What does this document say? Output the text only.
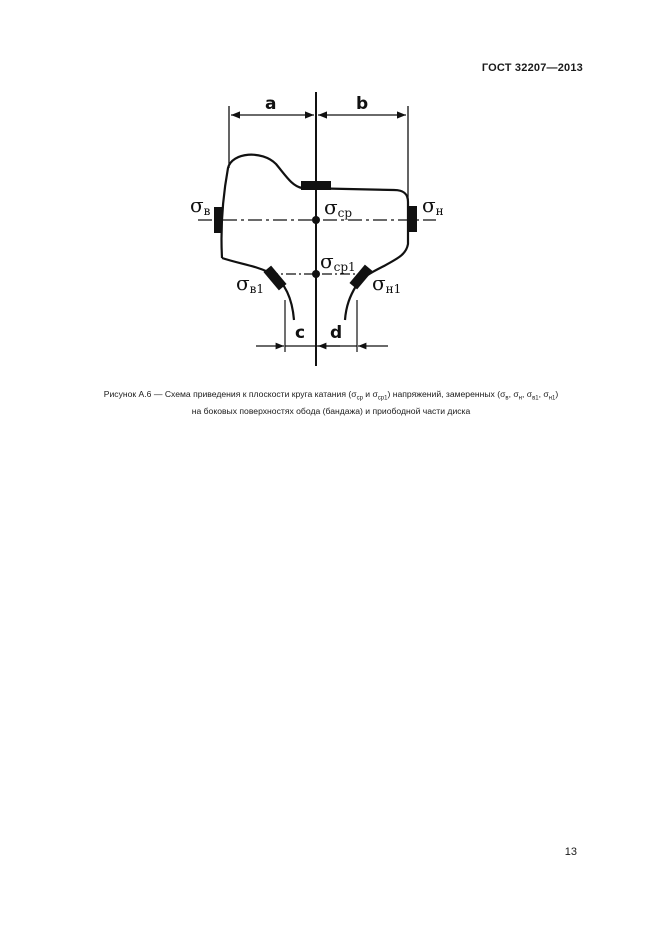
ГОСТ 32207—2013
a	b
c d
σв	σн
σср
σср1
σв1	σн1
Рисунок А.6 — Схема приведения к плоскости круга катания ($\sigma_{ср}$ и $\sigma_{ср1}$) напряжений, замеренных ($\sigma_в$, $\sigma_н$, $\sigma_{в1}$, $\sigma_{н1}$)
на боковых поверхностях обода (бандажа) и приободной части диска
13
